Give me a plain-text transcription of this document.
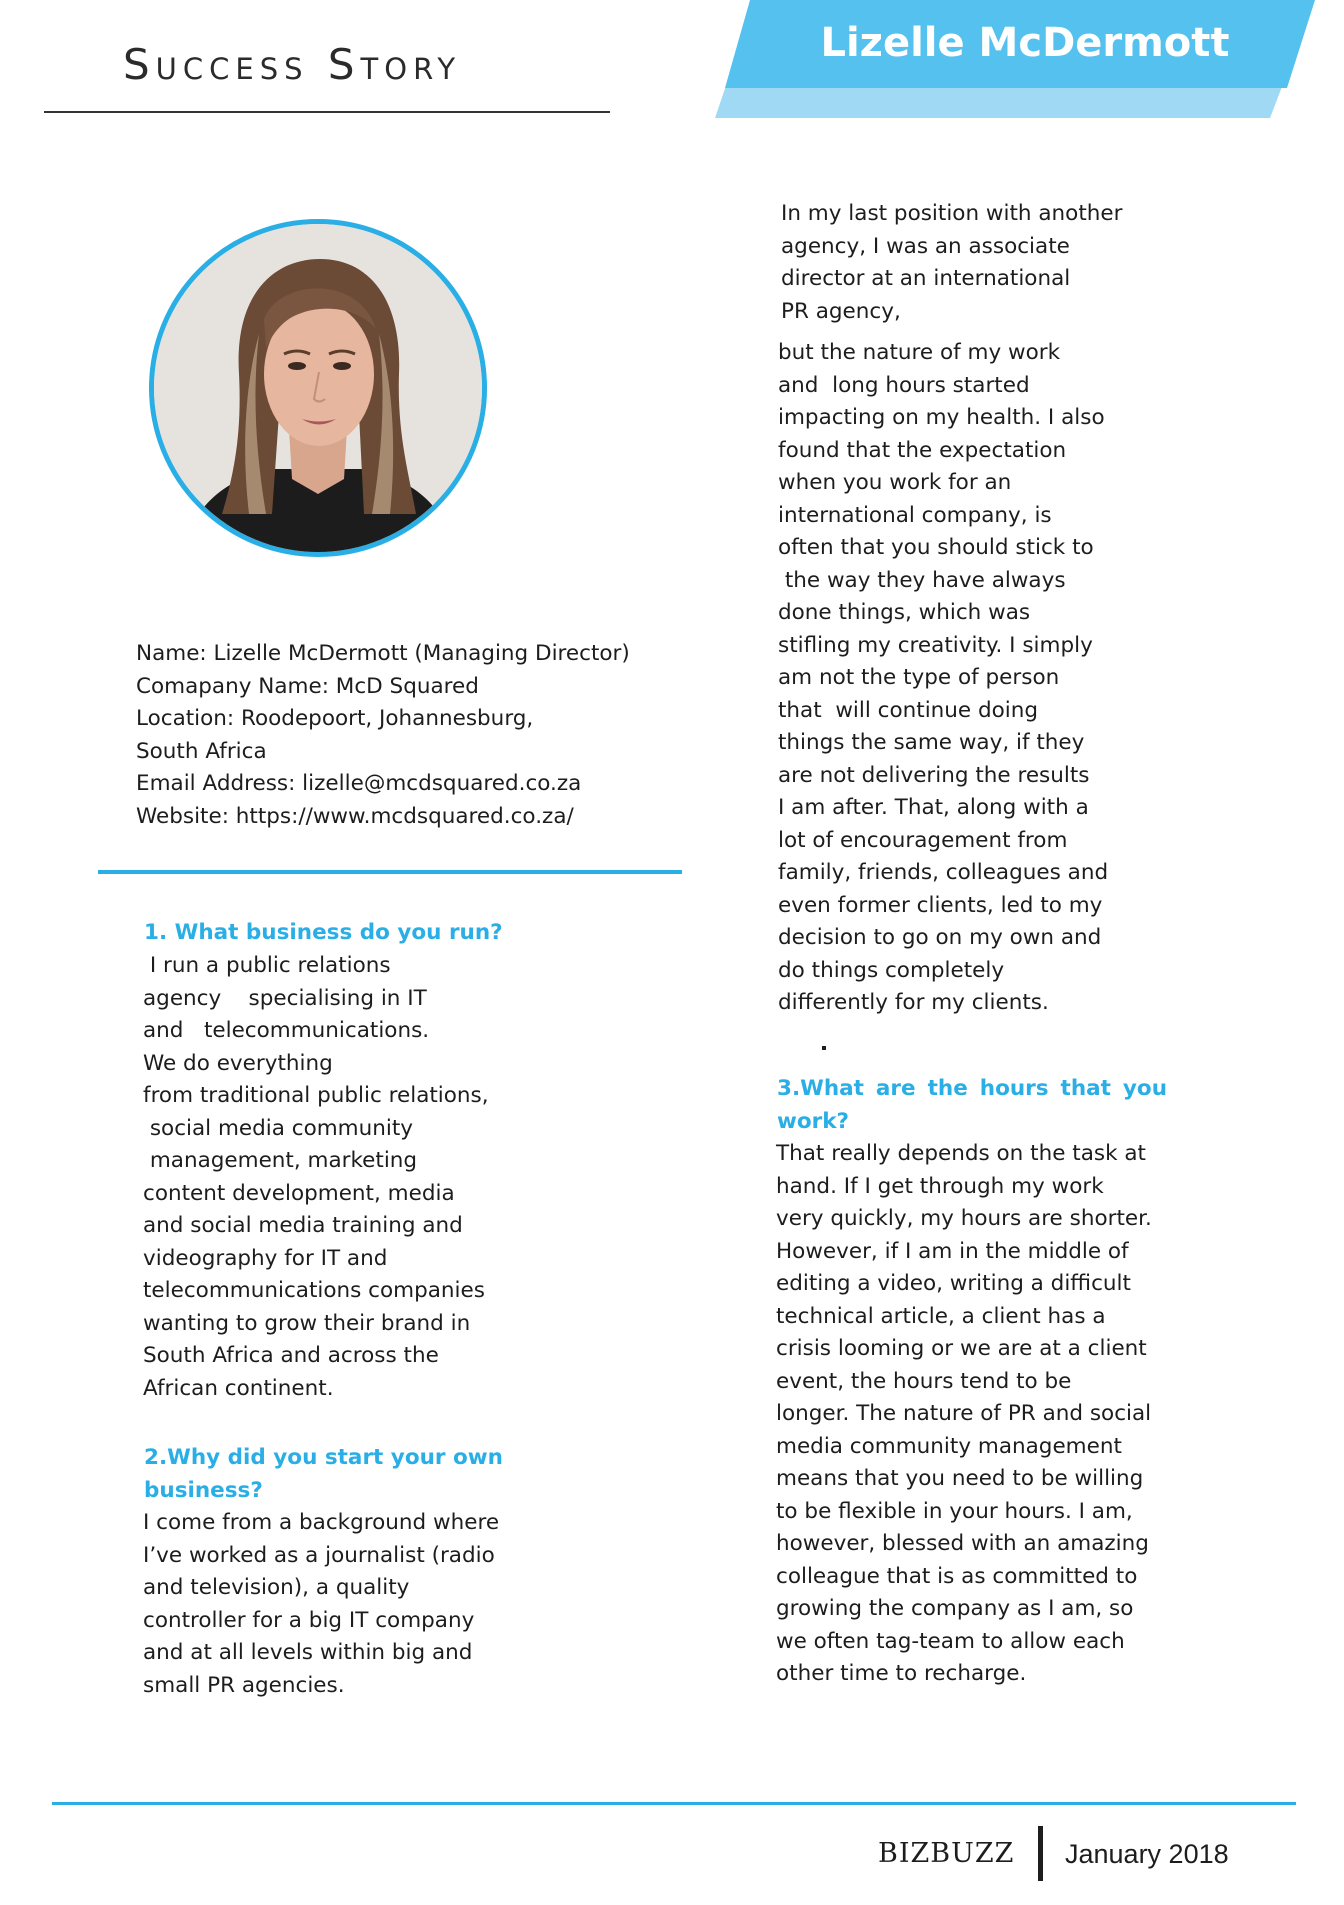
Success Story	Lizelle McDermott
Name: Lizelle McDermott (Managing Director)
Comapany Name: McD Squared
Location: Roodepoort, Johannesburg,
South Africa
Email Address: lizelle@mcdsquared.co.za
Website: https://www.mcdsquared.co.za/
1. What business do you run?
I run a public relations
agency    specialising in IT
and   telecommunications.
We do everything
from traditional public relations,
social media community
management, marketing
content development, media
and social media training and
videography for IT and
telecommunications companies
wanting to grow their brand in
South Africa and across the
African continent.
2.Why did you start your own
business?
I come from a background where
I’ve worked as a journalist (radio
and television), a quality
controller for a big IT company
and at all levels within big and
small PR agencies.
In my last position with another
agency, I was an associate
director at an international
PR agency,
but the nature of my work
and  long hours started
impacting on my health. I also
found that the expectation
when you work for an
international company, is
often that you should stick to
the way they have always
done things, which was
stifling my creativity. I simply
am not the type of person
that  will continue doing
things the same way, if they
are not delivering the results
I am after. That, along with a
lot of encouragement from
family, friends, colleagues and
even former clients, led to my
decision to go on my own and
do things completely
differently for my clients.
3.What are the hours that you
work?
That really depends on the task at
hand. If I get through my work
very quickly, my hours are shorter.
However, if I am in the middle of
editing a video, writing a difficult
technical article, a client has a
crisis looming or we are at a client
event, the hours tend to be
longer. The nature of PR and social
media community management
means that you need to be willing
to be flexible in your hours. I am,
however, blessed with an amazing
colleague that is as committed to
growing the company as I am, so
we often tag-team to allow each
other time to recharge.
BIZBUZZ January 2018
